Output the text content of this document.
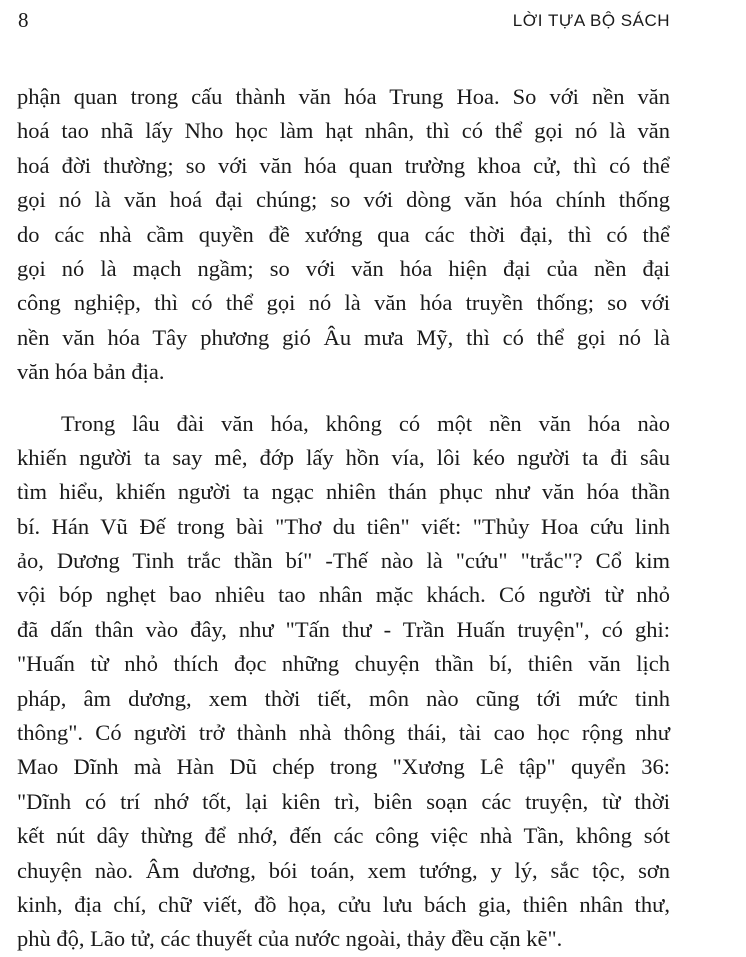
8	LỜI TỰA BỘ SÁCH
phận quan trong cấu thành văn hóa Trung Hoa. So với nền văn
hoá tao nhã lấy Nho học làm hạt nhân, thì có thể gọi nó là văn
hoá đời thường; so với văn hóa quan trường khoa cử, thì có thể
gọi nó là văn hoá đại chúng; so với dòng văn hóa chính thống
do các nhà cầm quyền đề xướng qua các thời đại, thì có thể
gọi nó là mạch ngầm; so với văn hóa hiện đại của nền đại
công nghiệp, thì có thể gọi nó là văn hóa truyền thống; so với
nền văn hóa Tây phương gió Âu mưa Mỹ, thì có thể gọi nó là
văn hóa bản địa.
Trong lâu đài văn hóa, không có một nền văn hóa nào
khiến người ta say mê, đớp lấy hồn vía, lôi kéo người ta đi sâu
tìm hiểu, khiến người ta ngạc nhiên thán phục như văn hóa thần
bí. Hán Vũ Đế trong bài "Thơ du tiên" viết: "Thủy Hoa cứu linh
ảo, Dương Tinh trắc thần bí" -Thế nào là "cứu" "trắc"? Cổ kim
vội bóp nghẹt bao nhiêu tao nhân mặc khách. Có người từ nhỏ
đã dấn thân vào đây, như "Tấn thư - Trần Huấn truyện", có ghi:
"Huấn từ nhỏ thích đọc những chuyện thần bí, thiên văn lịch
pháp, âm dương, xem thời tiết, môn nào cũng tới mức tinh
thông". Có người trở thành nhà thông thái, tài cao học rộng như
Mao Dĩnh mà Hàn Dũ chép trong "Xương Lê tập" quyển 36:
"Dĩnh có trí nhớ tốt, lại kiên trì, biên soạn các truyện, từ thời
kết nút dây thừng để nhớ, đến các công việc nhà Tần, không sót
chuyện nào. Âm dương, bói toán, xem tướng, y lý, sắc tộc, sơn
kinh, địa chí, chữ viết, đồ họa, cửu lưu bách gia, thiên nhân thư,
phù độ, Lão tử, các thuyết của nước ngoài, thảy đều cặn kẽ".
